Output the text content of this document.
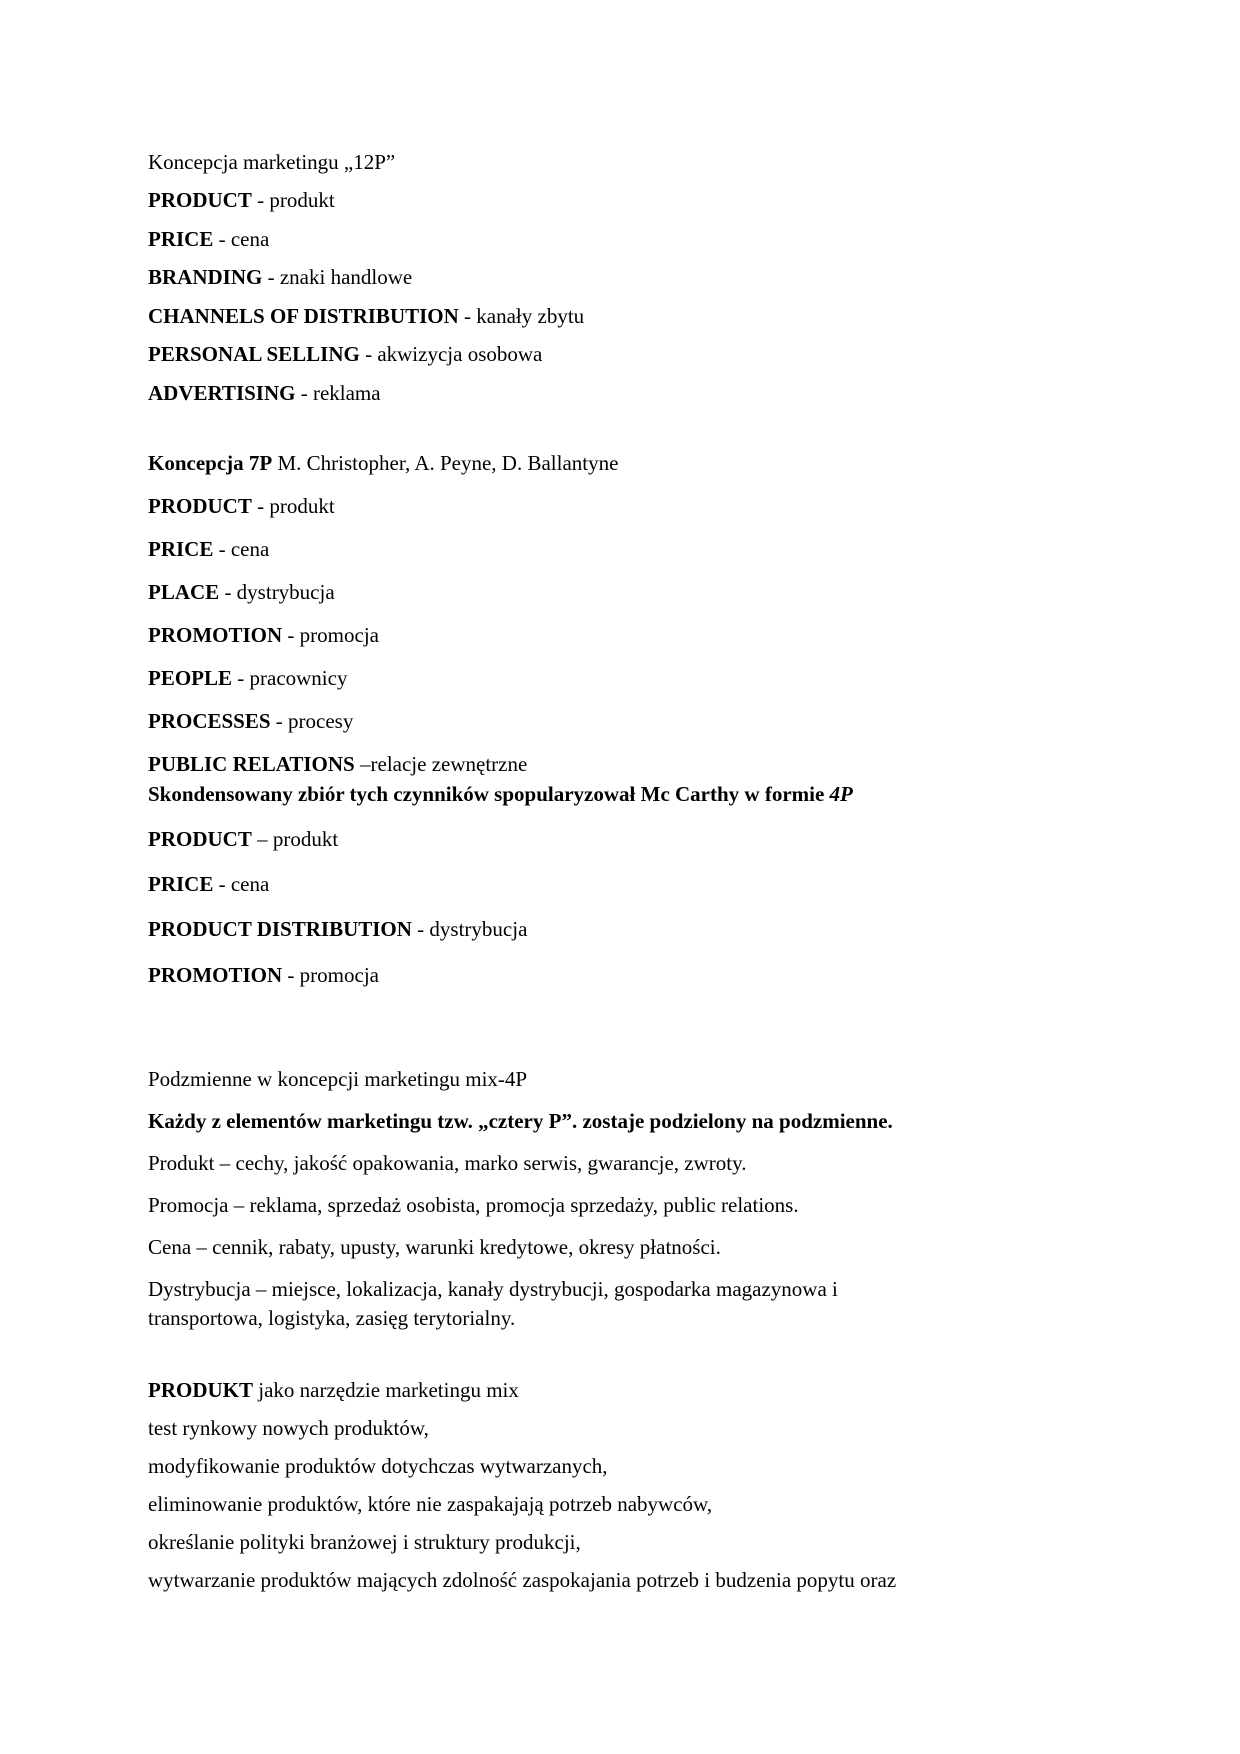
Koncepcja marketingu „12P”
PRODUCT - produkt
PRICE - cena
BRANDING - znaki handlowe
CHANNELS OF DISTRIBUTION - kanały zbytu
PERSONAL SELLING - akwizycja osobowa
ADVERTISING - reklama
Koncepcja 7P M. Christopher, A. Peyne, D. Ballantyne
PRODUCT - produkt
PRICE - cena
PLACE - dystrybucja
PROMOTION - promocja
PEOPLE - pracownicy
PROCESSES - procesy
PUBLIC RELATIONS –relacje zewnętrzne
Skondensowany zbiór tych czynników spopularyzował Mc Carthy w formie 4P
PRODUCT – produkt
PRICE - cena
PRODUCT DISTRIBUTION - dystrybucja
PROMOTION - promocja
Podzmienne w koncepcji marketingu mix-4P
Każdy z elementów marketingu tzw. „cztery P”. zostaje podzielony na podzmienne.
Produkt – cechy, jakość opakowania, marko serwis, gwarancje, zwroty.
Promocja – reklama, sprzedaż osobista, promocja sprzedaży, public relations.
Cena – cennik, rabaty, upusty, warunki kredytowe, okresy płatności.
Dystrybucja – miejsce, lokalizacja, kanały dystrybucji, gospodarka magazynowa i
transportowa, logistyka, zasięg terytorialny.
PRODUKT jako narzędzie marketingu mix
test rynkowy nowych produktów,
modyfikowanie produktów dotychczas wytwarzanych,
eliminowanie produktów, które nie zaspakajają potrzeb nabywców,
określanie polityki branżowej i struktury produkcji,
wytwarzanie produktów mających zdolność zaspokajania potrzeb i budzenia popytu oraz
